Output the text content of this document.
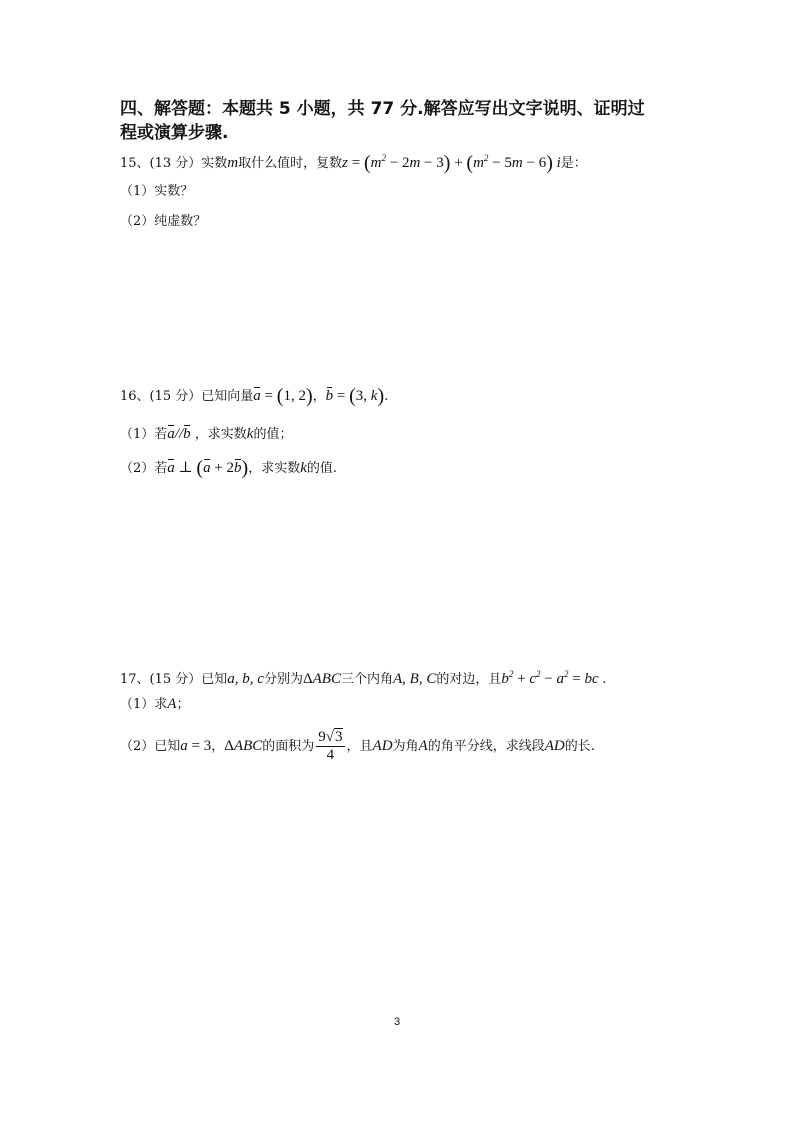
四、解答题：本题共 5 小题，共 77 分.解答应写出文字说明、证明过
程或演算步骤.
15、(13 分）实数m取什么值时，复数$z = (m^2 - 2m - 3) + (m^2 - 5m - 6)$ i是：
（1）实数？
（2）纯虚数？
16、(15 分）已知向量a = (1, 2)，b = (3, k).
（1）若a//b ，求实数k的值；
（2）若a ⊥ (a + 2b)，求实数k的值.
17、(15 分）已知a, b, c分别为ΔABC三个内角A, B, C的对边，且$b^2 + c^2 - a^2$ = bc .
（1）求A；
（2）已知a = 3，ΔABC的面积为 $\frac{9√3}{4}$ ，且AD为角A的角平分线，求线段AD的长.
3
